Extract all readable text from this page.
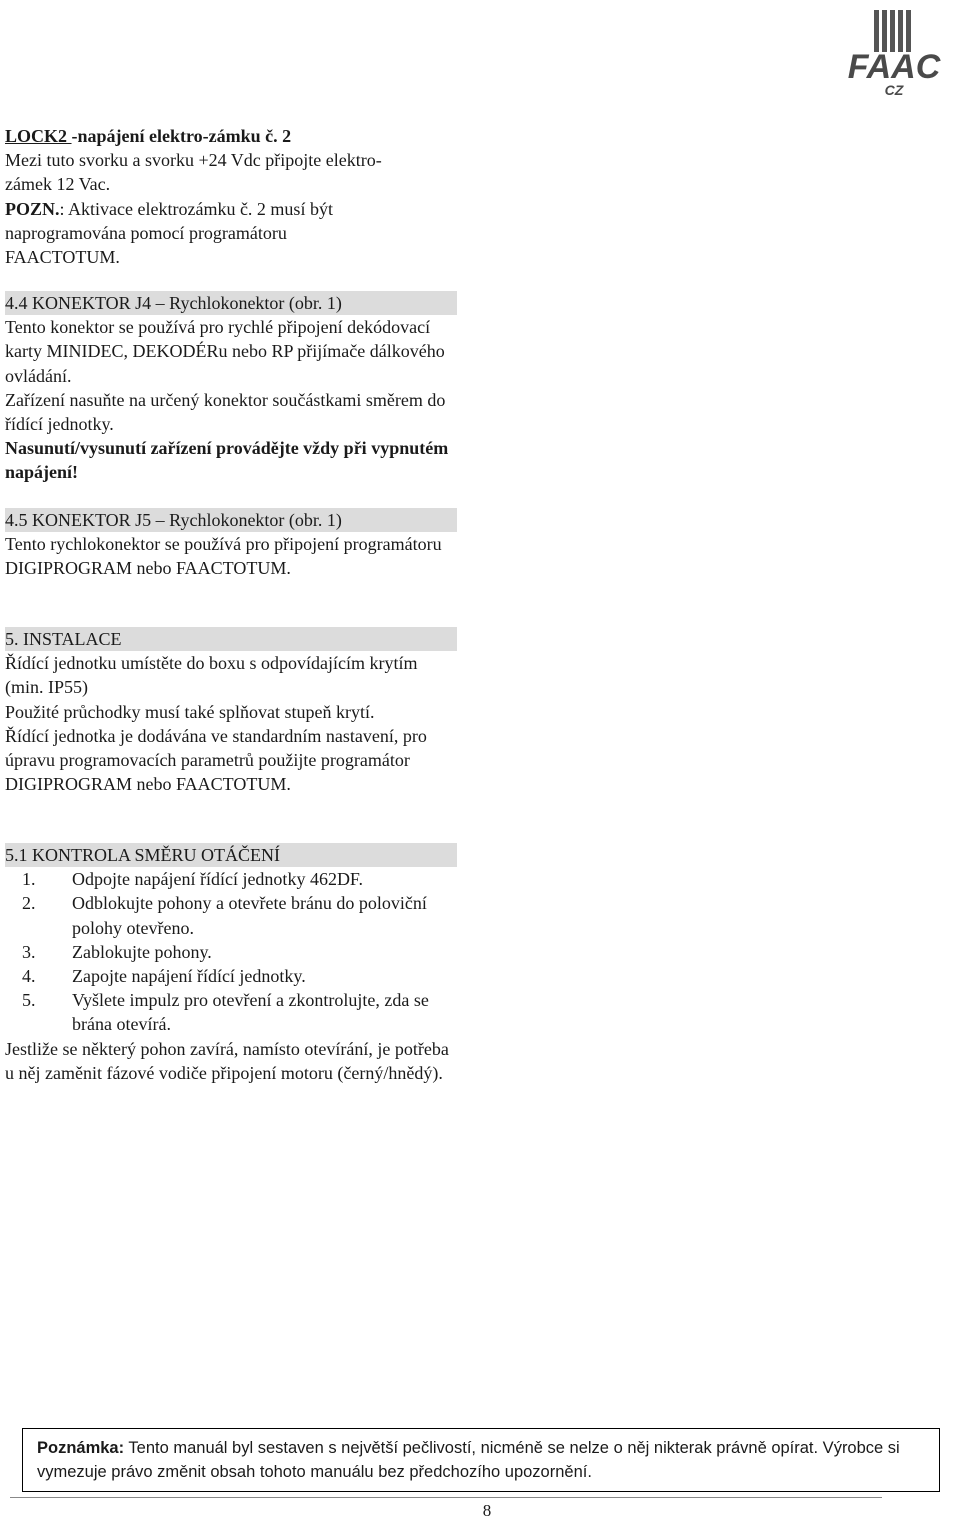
FAAC
CZ
LOCK2 -napájení elektro-zámku č. 2
Mezi tuto svorku a svorku +24 Vdc připojte elektro-
zámek 12 Vac.
POZN.: Aktivace elektrozámku č. 2 musí být
naprogramována pomocí programátoru
FAACTOTUM.
4.4 KONEKTOR J4 – Rychlokonektor (obr. 1)

Tento konektor se používá pro rychlé připojení dekódovací karty MINIDEC, DEKODÉRu nebo RP přijímače dálkového ovládání.

Zařízení nasuňte na určený konektor součástkami směrem do řídící jednotky.

Nasunutí/vysunutí zařízení provádějte vždy při vypnutém napájení!

4.5 KONEKTOR J5 – Rychlokonektor (obr. 1)

Tento rychlokonektor se používá pro připojení programátoru DIGIPROGRAM nebo FAACTOTUM.

5. INSTALACE

Řídící jednotku umístěte do boxu s odpovídajícím krytím (min. IP55)

Použité průchodky musí také splňovat stupeň krytí.

Řídící jednotka je dodávána ve standardním nastavení, pro úpravu programovacích parametrů použijte programátor DIGIPROGRAM nebo FAACTOTUM.

5.1 KONTROLA SMĚRU OTÁČENÍ
1. Odpojte napájení řídící jednotky 462DF.
2. Odblokujte pohony a otevřete bránu do poloviční polohy otevřeno.
3. Zablokujte pohony.
4. Zapojte napájení řídící jednotky.
5. Vyšlete impulz pro otevření a zkontrolujte, zda se brána otevírá.

Jestliže se některý pohon zavírá, namísto otevírání, je potřeba u něj zaměnit fázové vodiče připojení motoru (černý/hnědý).

Poznámka: Tento manuál byl sestaven s největší pečlivostí, nicméně se nelze o něj nikterak právně opírat. Výrobce si vymezuje právo změnit obsah tohoto manuálu bez předchozího upozornění.
8
